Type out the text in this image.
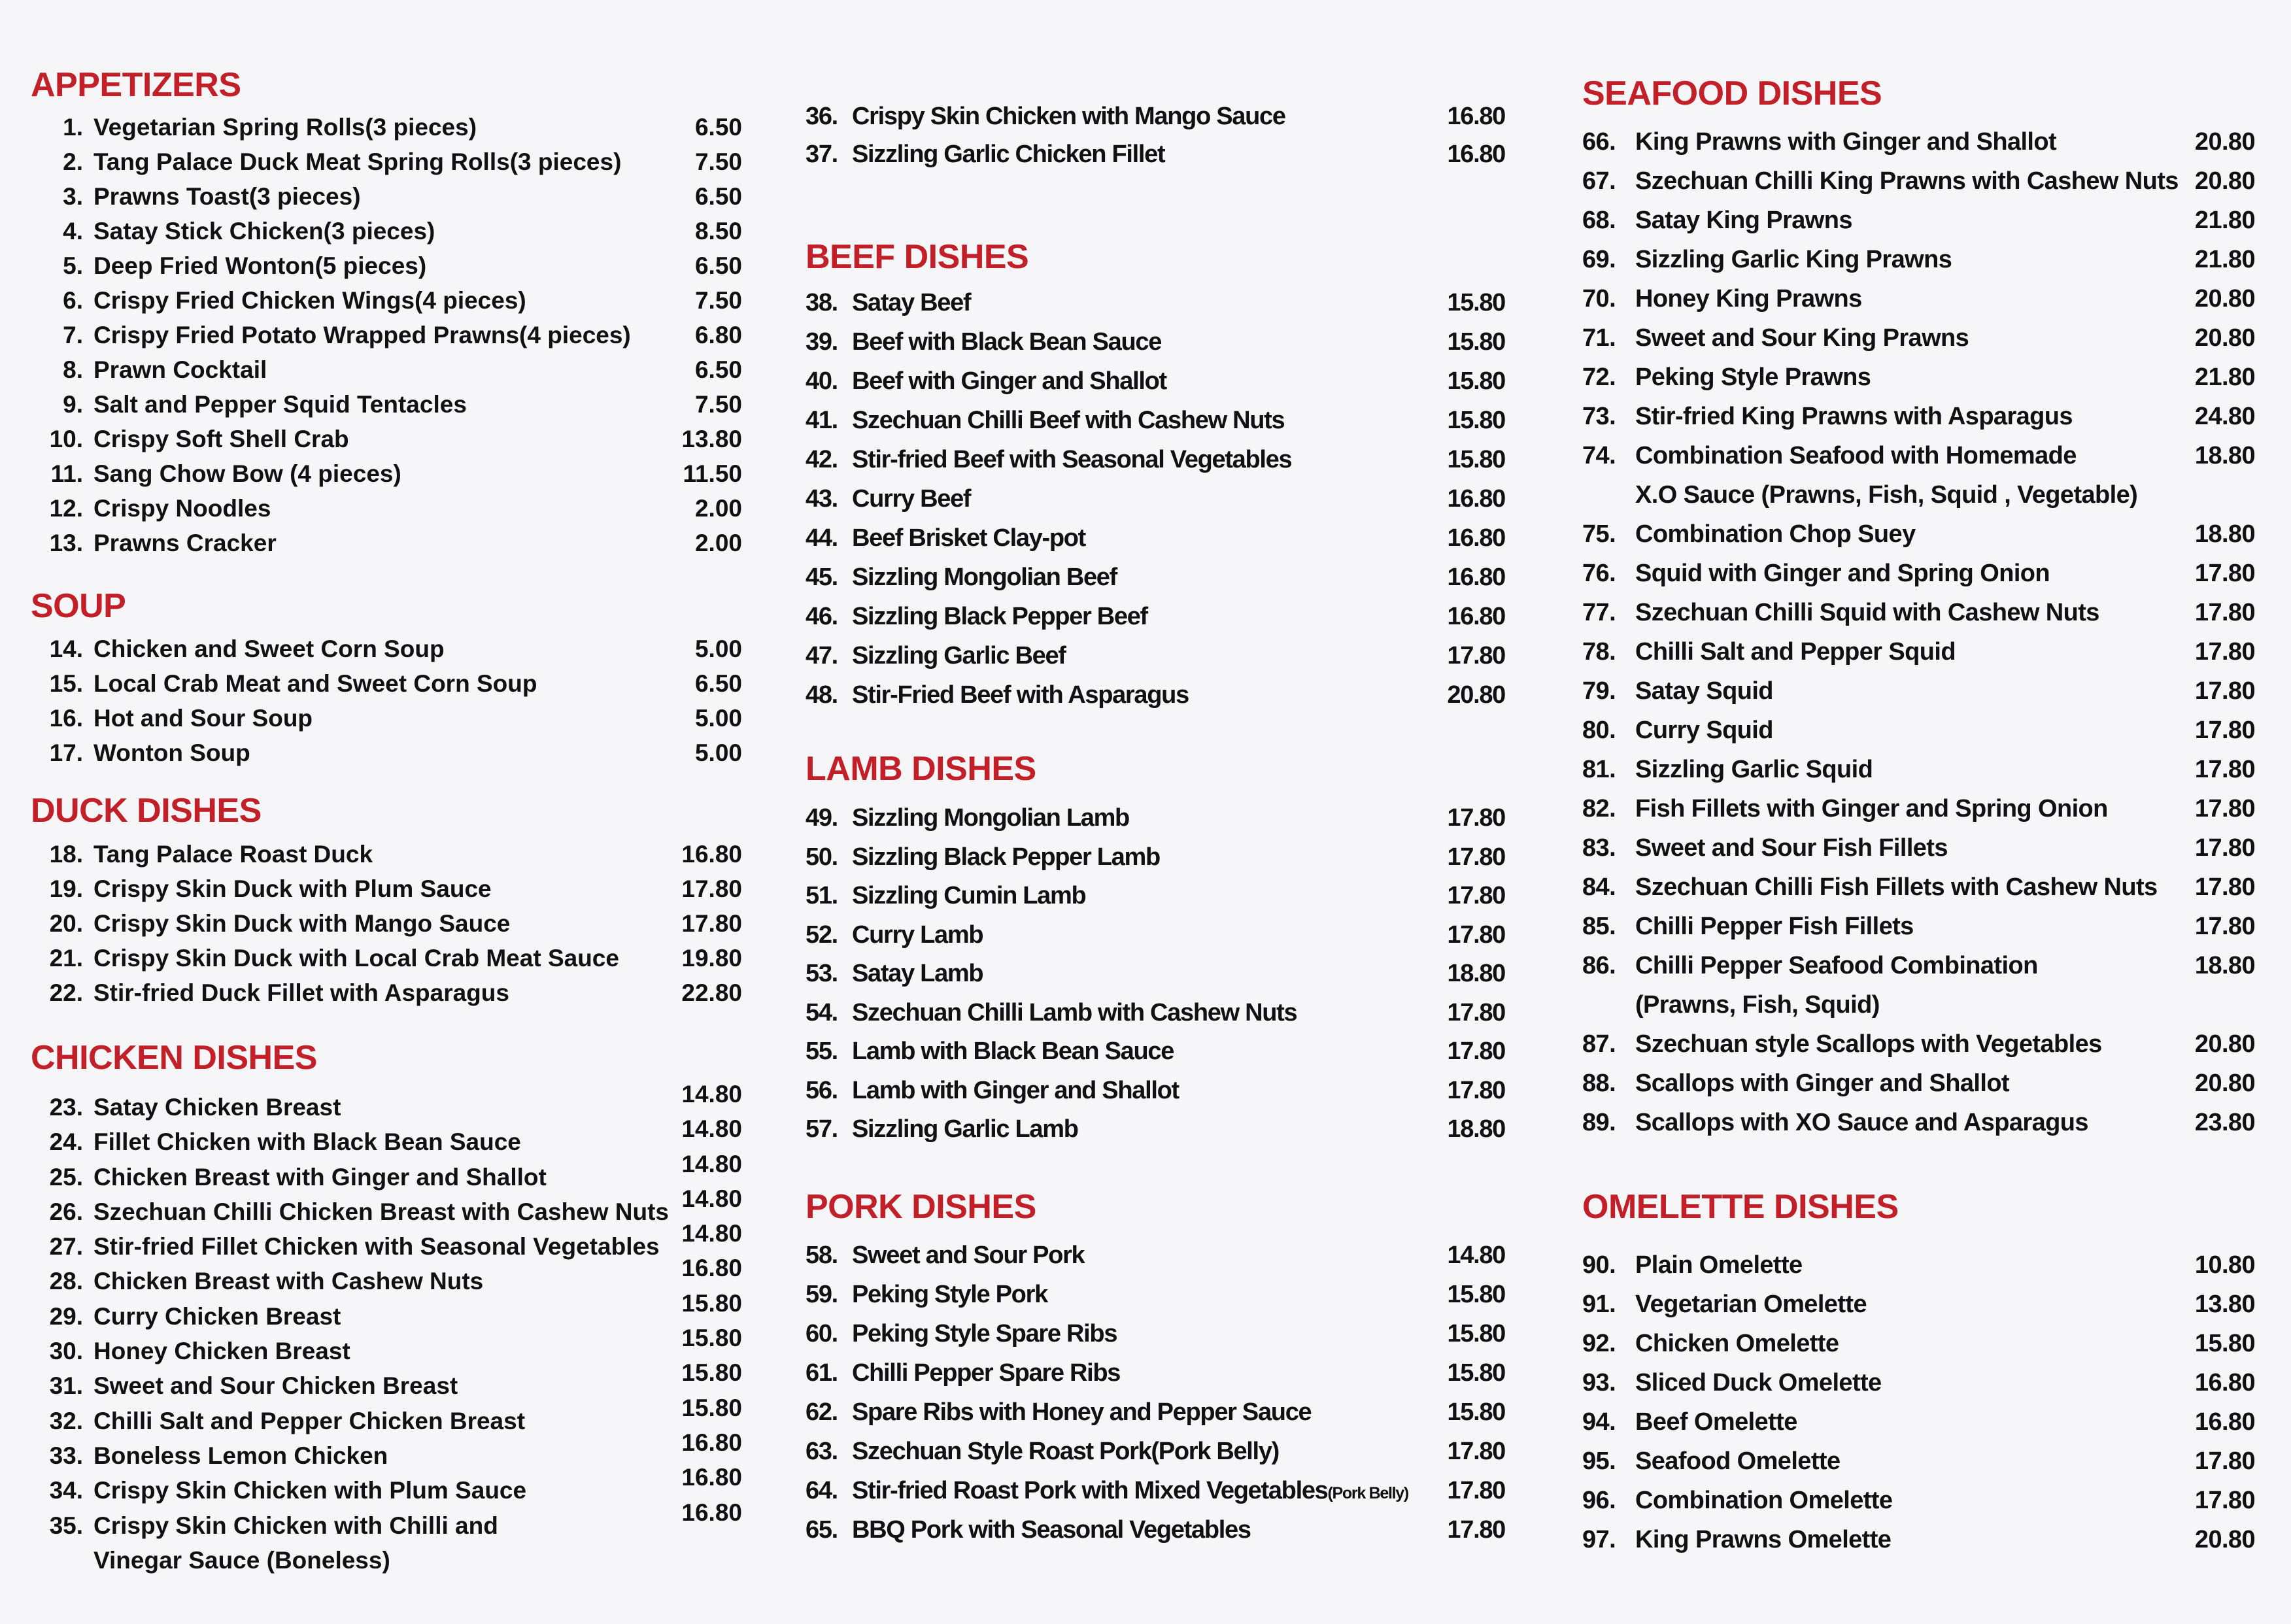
APPETIZERS
1. Vegetarian Spring Rolls(3 pieces)	6.50
2. Tang Palace Duck Meat Spring Rolls(3 pieces)	7.50
3. Prawns Toast(3 pieces)	6.50
4. Satay Stick Chicken(3 pieces)	8.50
5. Deep Fried Wonton(5 pieces)	6.50
6. Crispy Fried Chicken Wings(4 pieces)	7.50
7. Crispy Fried Potato Wrapped Prawns(4 pieces)	6.80
8. Prawn Cocktail	6.50
9. Salt and Pepper Squid Tentacles	7.50
10. Crispy Soft Shell Crab	13.80
11. Sang Chow Bow (4 pieces)	11.50
12. Crispy Noodles	2.00
13. Prawns Cracker	2.00
SOUP
14. Chicken and Sweet Corn Soup	5.00
15. Local Crab Meat and Sweet Corn Soup	6.50
16. Hot and Sour Soup	5.00
17. Wonton Soup	5.00
DUCK DISHES
18. Tang Palace Roast Duck	16.80
19. Crispy Skin Duck with Plum Sauce	17.80
20. Crispy Skin Duck with Mango Sauce	17.80
21. Crispy Skin Duck with Local Crab Meat Sauce	19.80
22. Stir-fried Duck Fillet with Asparagus	22.80
CHICKEN DISHES
23. Satay Chicken Breast	14.80
24. Fillet Chicken with Black Bean Sauce	14.80
25. Chicken Breast with Ginger and Shallot	14.80
26. Szechuan Chilli Chicken Breast with Cashew Nuts 14.80
27. Stir-fried Fillet Chicken with Seasonal Vegetables 14.80
28. Chicken Breast with Cashew Nuts	16.80
29. Curry Chicken Breast	15.80
30. Honey Chicken Breast	15.80
31. Sweet and Sour Chicken Breast	15.80
32. Chilli Salt and Pepper Chicken Breast	15.80
33. Boneless Lemon Chicken	16.80
34. Crispy Skin Chicken with Plum Sauce	16.80
35. Crispy Skin Chicken with Chilli and	16.80
Vinegar Sauce (Boneless)
36. Crispy Skin Chicken with Mango Sauce	16.80
37. Sizzling Garlic Chicken Fillet	16.80
BEEF DISHES
38. Satay Beef	15.80
39. Beef with Black Bean Sauce	15.80
40. Beef with Ginger and Shallot	15.80
41. Szechuan Chilli Beef with Cashew Nuts	15.80
42. Stir-fried Beef with Seasonal Vegetables	15.80
43. Curry Beef	16.80
44. Beef Brisket Clay-pot	16.80
45. Sizzling Mongolian Beef	16.80
46. Sizzling Black Pepper Beef	16.80
47. Sizzling Garlic Beef	17.80
48. Stir-Fried Beef with Asparagus	20.80
LAMB DISHES
49. Sizzling Mongolian Lamb	17.80
50. Sizzling Black Pepper Lamb	17.80
51. Sizzling Cumin Lamb	17.80
52. Curry Lamb	17.80
53. Satay Lamb	18.80
54. Szechuan Chilli Lamb with Cashew Nuts	17.80
55. Lamb with Black Bean Sauce	17.80
56. Lamb with Ginger and Shallot	17.80
57. Sizzling Garlic Lamb	18.80
PORK DISHES
58. Sweet and Sour Pork	14.80
59. Peking Style Pork	15.80
60. Peking Style Spare Ribs	15.80
61. Chilli Pepper Spare Ribs	15.80
62. Spare Ribs with Honey and Pepper Sauce	15.80
63. Szechuan Style Roast Pork(Pork Belly)	17.80
64. Stir-fried Roast Pork with Mixed Vegetables(Pork Belly) 17.80
65. BBQ Pork with Seasonal Vegetables	17.80
SEAFOOD DISHES
66. King Prawns with Ginger and Shallot	20.80
67. Szechuan Chilli King Prawns with Cashew Nuts 20.80
68. Satay King Prawns	21.80
69. Sizzling Garlic King Prawns	21.80
70. Honey King Prawns	20.80
71. Sweet and Sour King Prawns	20.80
72. Peking Style Prawns	21.80
73. Stir-fried King Prawns with Asparagus	24.80
74. Combination Seafood with Homemade	18.80
X.O Sauce (Prawns, Fish, Squid , Vegetable)
75. Combination Chop Suey	18.80
76. Squid with Ginger and Spring Onion	17.80
77. Szechuan Chilli Squid with Cashew Nuts	17.80
78. Chilli Salt and Pepper Squid	17.80
79. Satay Squid	17.80
80. Curry Squid	17.80
81. Sizzling Garlic Squid	17.80
82. Fish Fillets with Ginger and Spring Onion	17.80
83. Sweet and Sour Fish Fillets	17.80
84. Szechuan Chilli Fish Fillets with Cashew Nuts 17.80
85. Chilli Pepper Fish Fillets	17.80
86. Chilli Pepper Seafood Combination	18.80
(Prawns, Fish, Squid)
87. Szechuan style Scallops with Vegetables	20.80
88. Scallops with Ginger and Shallot	20.80
89. Scallops with XO Sauce and Asparagus	23.80
OMELETTE DISHES
90. Plain Omelette	10.80
91. Vegetarian Omelette	13.80
92. Chicken Omelette	15.80
93. Sliced Duck Omelette	16.80
94. Beef Omelette	16.80
95. Seafood Omelette	17.80
96. Combination Omelette	17.80
97. King Prawns Omelette	20.80
